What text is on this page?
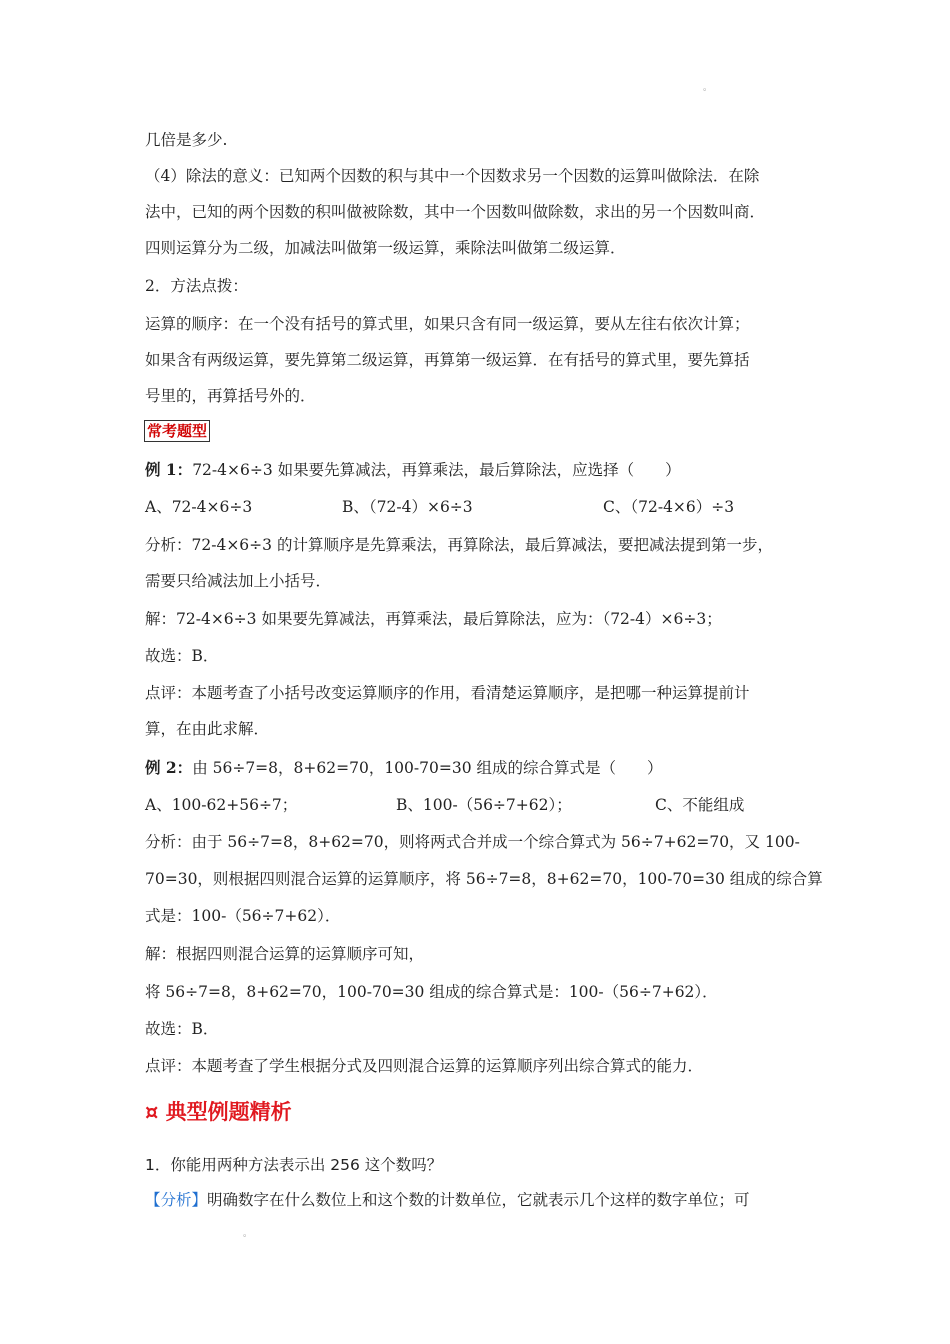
。
几倍是多少.
（4）除法的意义：已知两个因数的积与其中一个因数求另一个因数的运算叫做除法．在除
法中，已知的两个因数的积叫做被除数，其中一个因数叫做除数，求出的另一个因数叫商．
四则运算分为二级，加减法叫做第一级运算，乘除法叫做第二级运算．
2．方法点拨：
运算的顺序：在一个没有括号的算式里，如果只含有同一级运算，要从左往右依次计算；
如果含有两级运算，要先算第二级运算，再算第一级运算．在有括号的算式里，要先算括
号里的，再算括号外的．
常考题型
例 1：72-4×6÷3 如果要先算减法，再算乘法，最后算除法，应选择（　　）
A、72-4×6÷3	B、（72-4）×6÷3	C、（72-4×6）÷3
分析：72-4×6÷3 的计算顺序是先算乘法，再算除法，最后算减法，要把减法提到第一步，
需要只给减法加上小括号．
解：72-4×6÷3 如果要先算减法，再算乘法，最后算除法，应为：（72-4）×6÷3；
故选：B．
点评：本题考查了小括号改变运算顺序的作用，看清楚运算顺序，是把哪一种运算提前计
算，在由此求解．
例 2：由 56÷7=8，8+62=70，100-70=30 组成的综合算式是（　　）
A、100-62+56÷7；	B、100-（56÷7+62）；	C、不能组成
分析：由于 56÷7=8，8+62=70，则将两式合并成一个综合算式为 56÷7+62=70，又 100-
70=30，则根据四则混合运算的运算顺序，将 56÷7=8，8+62=70，100-70=30 组成的综合算
式是：100-（56÷7+62）．
解：根据四则混合运算的运算顺序可知，
将 56÷7=8，8+62=70，100-70=30 组成的综合算式是：100-（56÷7+62）．
故选：B．
点评：本题考查了学生根据分式及四则混合运算的运算顺序列出综合算式的能力．
¤ 典型例题精析
1．你能用两种方法表示出 256 这个数吗？
【分析】明确数字在什么数位上和这个数的计数单位，它就表示几个这样的数字单位；可
。
